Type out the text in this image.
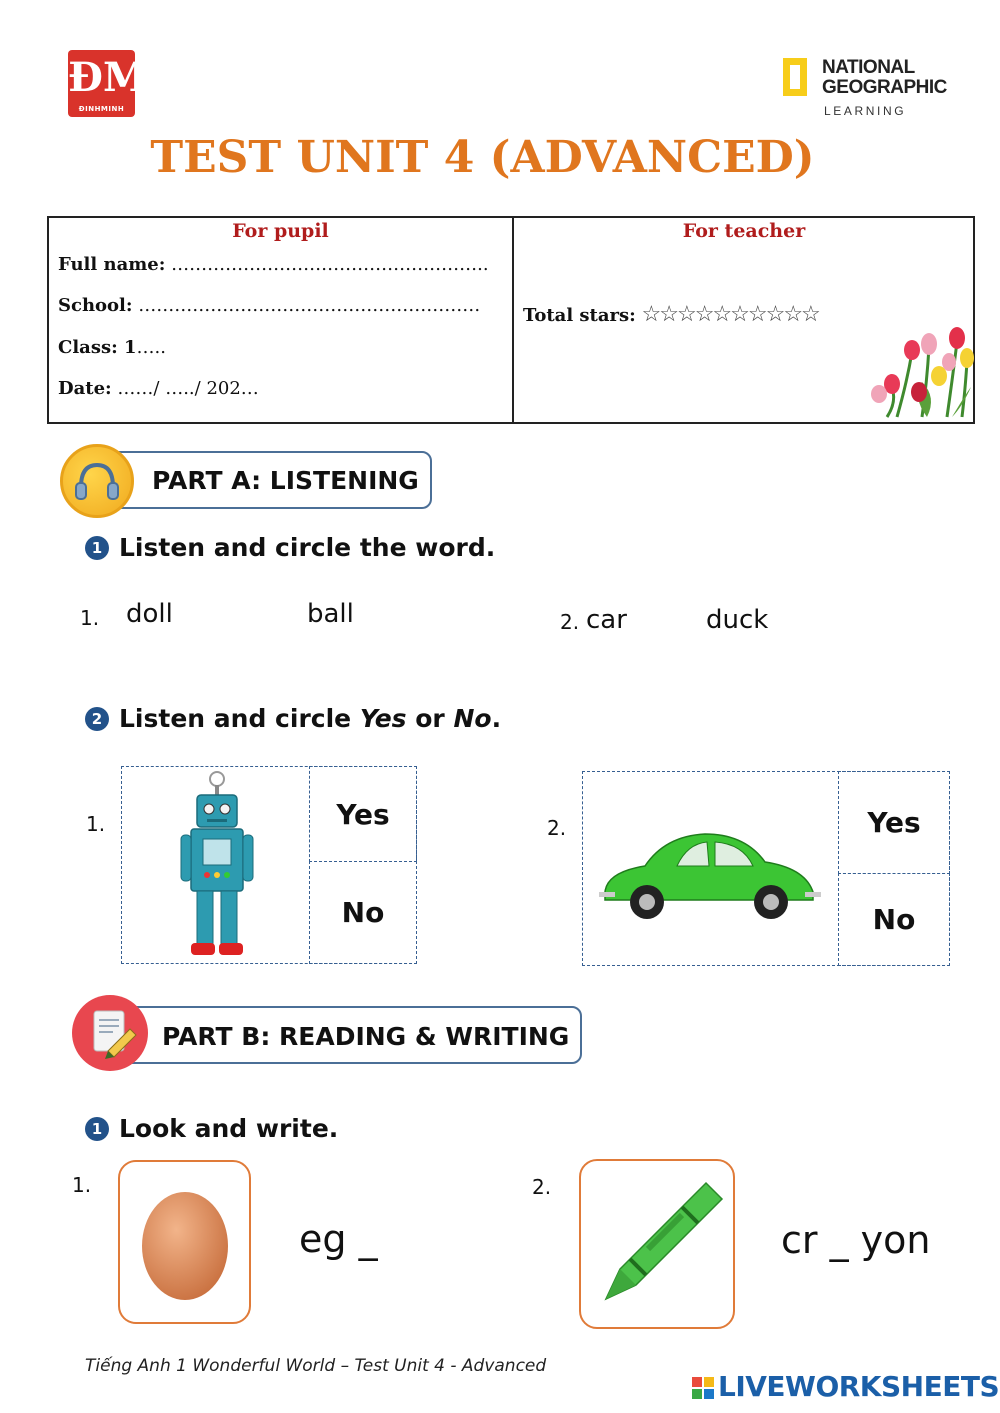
ĐM
ĐINHMINH
NATIONAL
GEOGRAPHIC
LEARNING
TEST UNIT 4 (ADVANCED)
For pupil	For teacher
Full name: ……………………………………………..
School: …………………………………………………
Class: 1…..
Date: ……/ …../ 202…
Total stars: ☆☆☆☆☆☆☆☆☆☆
PART A: LISTENING
1 Listen and circle the word.
1. doll	ball	2. car	duck
2 Listen and circle Yes or No.
1.	Yes
No
2.	Yes
No
PART B: READING & WRITING
1 Look and write.
1.
eg _
2.
cr _ yon
Tiếng Anh 1 Wonderful World – Test Unit 4 - Advanced
LIVEWORKSHEETS
